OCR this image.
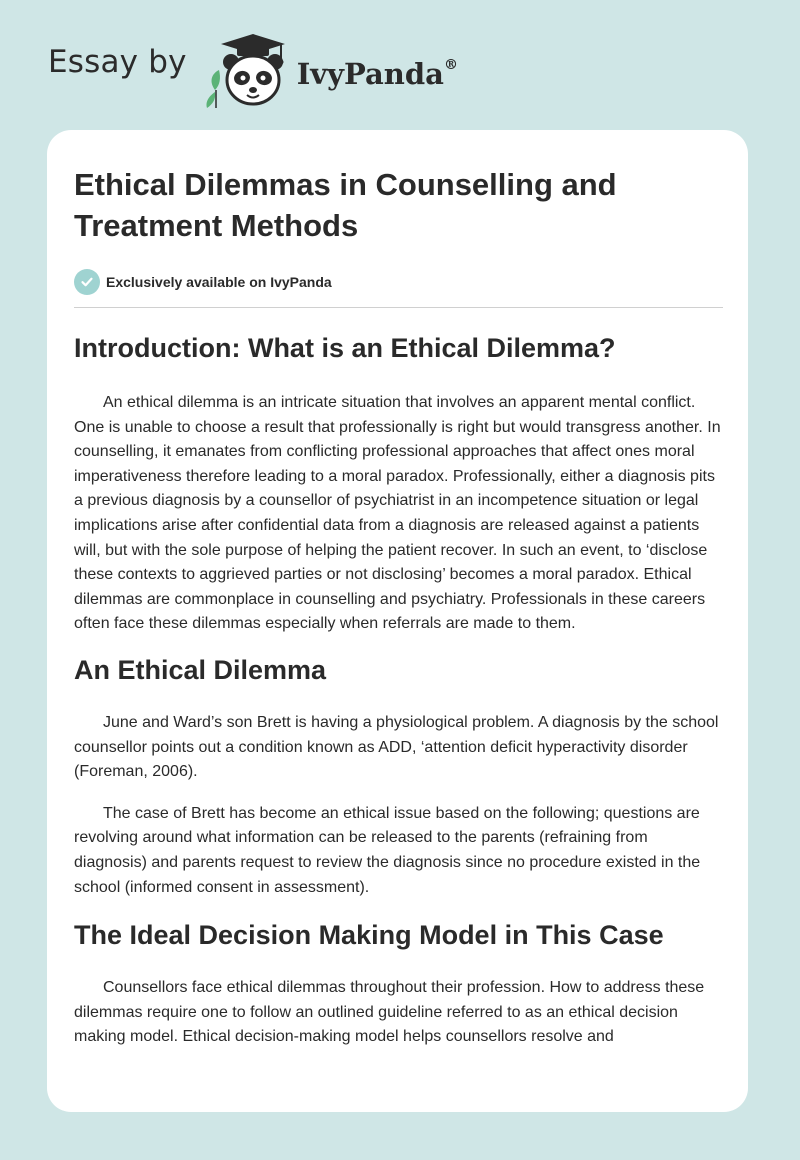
Essay by	IvyPanda®
Ethical Dilemmas in Counselling and Treatment Methods
Exclusively available on IvyPanda
Introduction: What is an Ethical Dilemma?

An ethical dilemma is an intricate situation that involves an apparent mental conflict. One is unable to choose a result that professionally is right but would transgress another. In counselling, it emanates from conflicting professional approaches that affect ones moral imperativeness therefore leading to a moral paradox. Professionally, either a diagnosis pits a previous diagnosis by a counsellor of psychiatrist in an incompetence situation or legal implications arise after confidential data from a diagnosis are released against a patients will, but with the sole purpose of helping the patient recover. In such an event, to ‘disclose these contexts to aggrieved parties or not disclosing’ becomes a moral paradox. Ethical dilemmas are commonplace in counselling and psychiatry. Professionals in these careers often face these dilemmas especially when referrals are made to them.

An Ethical Dilemma

June and Ward’s son Brett is having a physiological problem. A diagnosis by the school counsellor points out a condition known as ADD, ‘attention deficit hyperactivity disorder (Foreman, 2006).

The case of Brett has become an ethical issue based on the following; questions are revolving around what information can be released to the parents (refraining from diagnosis) and parents request to review the diagnosis since no procedure existed in the school (informed consent in assessment).

The Ideal Decision Making Model in This Case

Counsellors face ethical dilemmas throughout their profession. How to address these dilemmas require one to follow an outlined guideline referred to as an ethical decision making model. Ethical decision-making model helps counsellors resolve and
